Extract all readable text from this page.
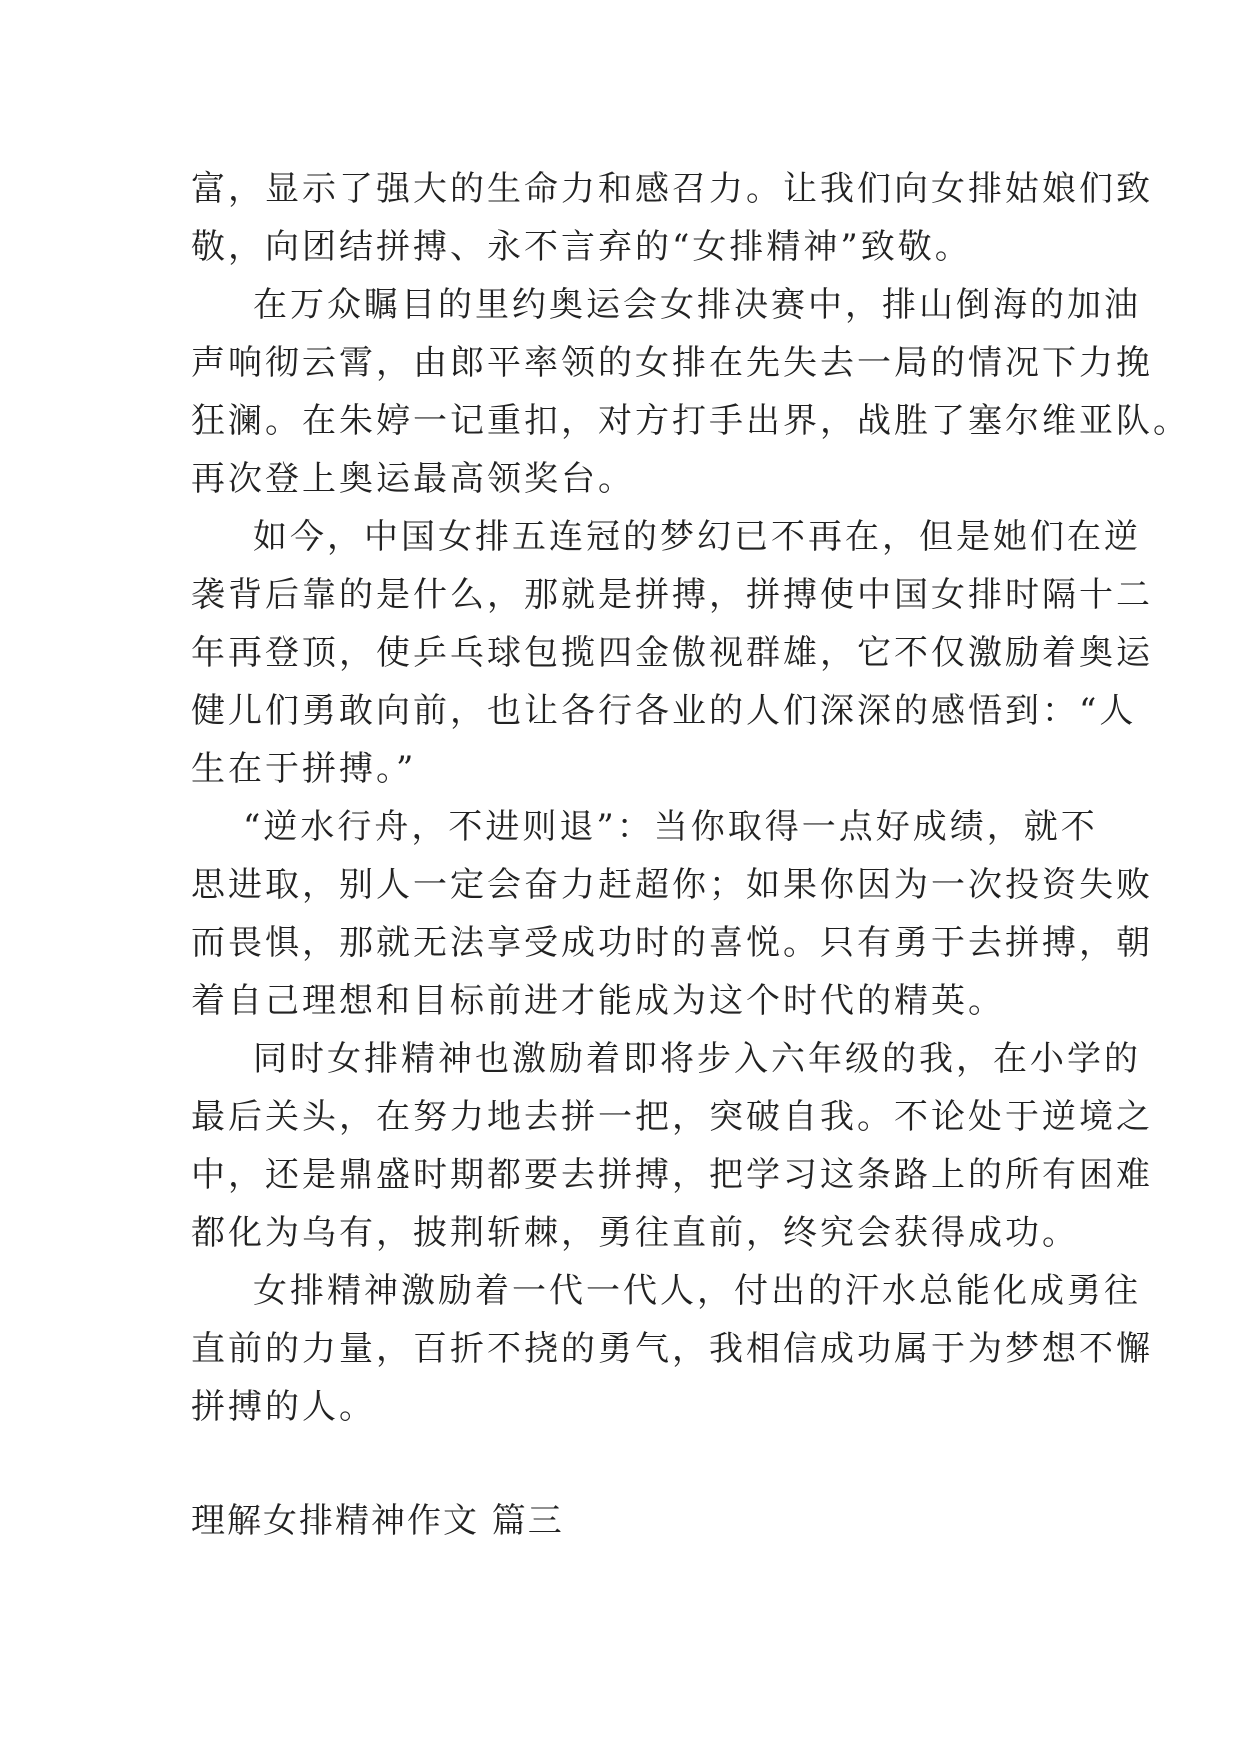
富，显示了强大的生命力和感召力。让我们向女排姑娘们致
敬，向团结拼搏、永不言弃的“女排精神”致敬。
在万众瞩目的里约奥运会女排决赛中，排山倒海的加油
声响彻云霄，由郎平率领的女排在先失去一局的情况下力挽
狂澜。在朱婷一记重扣，对方打手出界，战胜了塞尔维亚队。
再次登上奥运最高领奖台。
如今，中国女排五连冠的梦幻已不再在，但是她们在逆
袭背后靠的是什么，那就是拼搏，拼搏使中国女排时隔十二
年再登顶，使乒乓球包揽四金傲视群雄，它不仅激励着奥运
健儿们勇敢向前，也让各行各业的人们深深的感悟到：“人
生在于拼搏。”
“逆水行舟，不进则退”：当你取得一点好成绩，就不
思进取，别人一定会奋力赶超你；如果你因为一次投资失败
而畏惧，那就无法享受成功时的喜悦。只有勇于去拼搏，朝
着自己理想和目标前进才能成为这个时代的精英。
同时女排精神也激励着即将步入六年级的我，在小学的
最后关头，在努力地去拼一把，突破自我。不论处于逆境之
中，还是鼎盛时期都要去拼搏，把学习这条路上的所有困难
都化为乌有，披荆斩棘，勇往直前，终究会获得成功。
女排精神激励着一代一代人，付出的汗水总能化成勇往
直前的力量，百折不挠的勇气，我相信成功属于为梦想不懈
拼搏的人。
理解女排精神作文 篇三
